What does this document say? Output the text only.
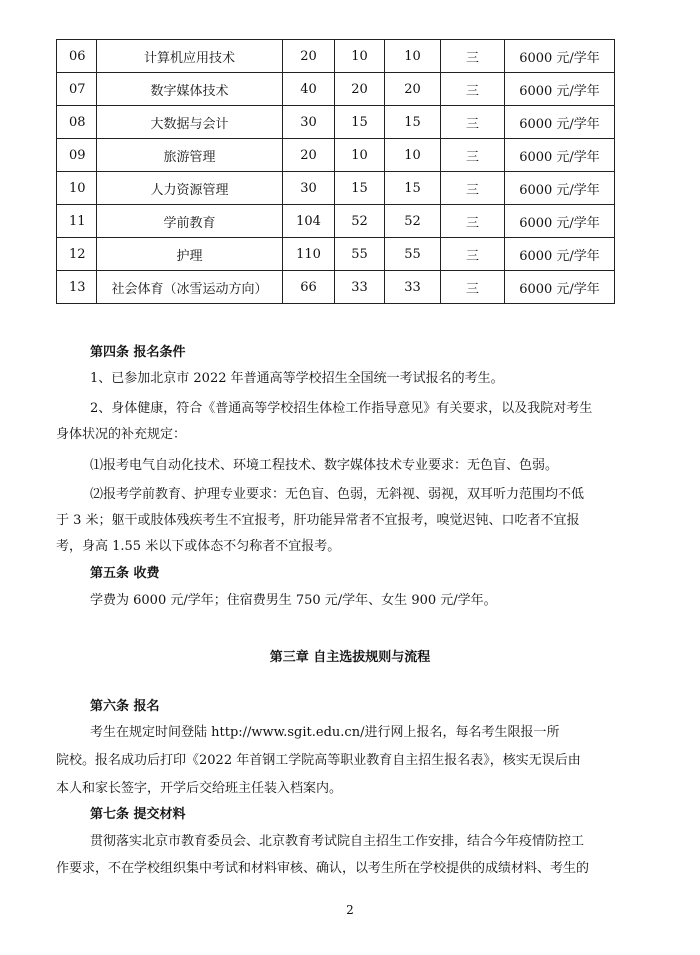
06	计算机应用技术	20	10	10	三	6000 元/学年
07	数字媒体技术	40	20	20	三	6000 元/学年
08	大数据与会计	30	15	15	三	6000 元/学年
09	旅游管理	20	10	10	三	6000 元/学年
10	人力资源管理	30	15	15	三	6000 元/学年
11	学前教育	104	52	52	三	6000 元/学年
12	护理	110	55	55	三	6000 元/学年
13	社会体育（冰雪运动方向）	66	33	33	三	6000 元/学年
第四条 报名条件
1、已参加北京市 2022 年普通高等学校招生全国统一考试报名的考生。
2、身体健康，符合《普通高等学校招生体检工作指导意见》有关要求，以及我院对考生
身体状况的补充规定：
⑴报考电气自动化技术、环境工程技术、数字媒体技术专业要求：无色盲、色弱。
⑵报考学前教育、护理专业要求：无色盲、色弱，无斜视、弱视，双耳听力范围均不低
于 3 米；躯干或肢体残疾考生不宜报考，肝功能异常者不宜报考，嗅觉迟钝、口吃者不宜报
考，身高 1.55 米以下或体态不匀称者不宜报考。
第五条 收费
学费为 6000 元/学年；住宿费男生 750 元/学年、女生 900 元/学年。
第三章 自主选拔规则与流程
第六条 报名
考生在规定时间登陆 http://www.sgit.edu.cn/进行网上报名，每名考生限报一所
院校。报名成功后打印《2022 年首钢工学院高等职业教育自主招生报名表》，核实无误后由
本人和家长签字，开学后交给班主任装入档案内。
第七条 提交材料
贯彻落实北京市教育委员会、北京教育考试院自主招生工作安排，结合今年疫情防控工
作要求，不在学校组织集中考试和材料审核、确认，以考生所在学校提供的成绩材料、考生的
2
